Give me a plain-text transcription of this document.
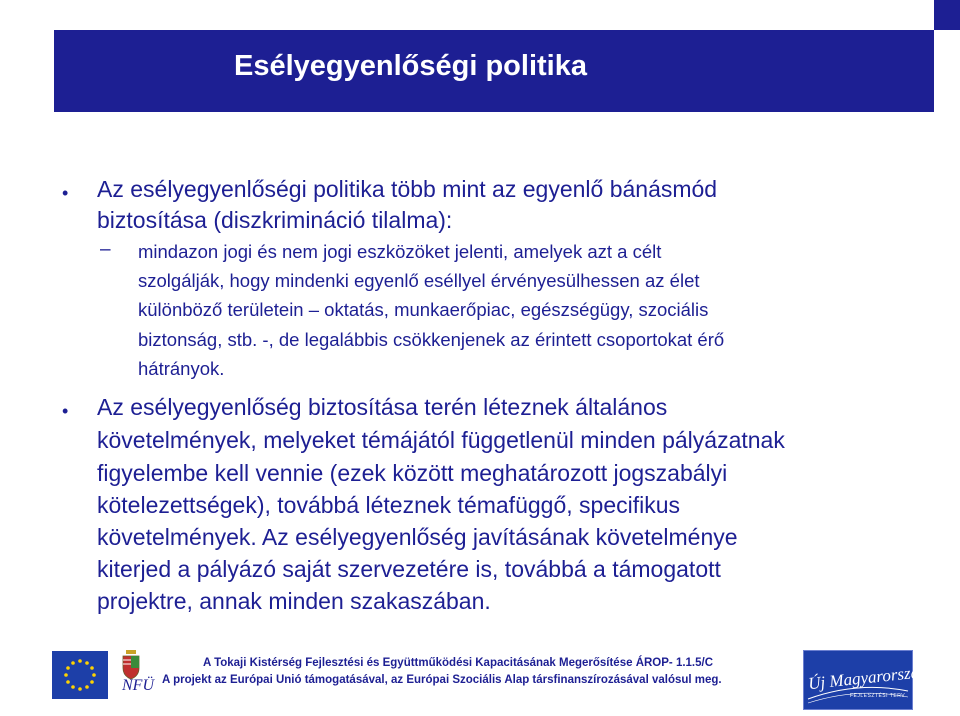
Esélyegyenlőségi politika
• Az esélyegyenlőségi politika több mint az egyenlő bánásmód
biztosítása (diszkrimináció tilalma):
– mindazon jogi és nem jogi eszközöket jelenti, amelyek azt a célt
szolgálják, hogy mindenki egyenlő eséllyel érvényesülhessen az élet
különböző területein – oktatás, munkaerőpiac, egészségügy, szociális
biztonság, stb. -, de legalábbis csökkenjenek az érintett csoportokat érő
hátrányok.
• Az esélyegyenlőség biztosítása terén léteznek általános
követelmények, melyeket témájától függetlenül minden pályázatnak
figyelembe kell vennie (ezek között meghatározott jogszabályi
kötelezettségek), továbbá léteznek témafüggő, specifikus
követelmények. Az esélyegyenlőség javításának követelménye
kiterjed a pályázó saját szervezetére is, továbbá a támogatott
projektre, annak minden szakaszában.
NFÜ
A Tokaji Kistérség Fejlesztési és Együttműködési Kapacitásának Megerősítése ÁROP- 1.1.5/C
A projekt az Európai Unió támogatásával, az Európai Szociális Alap társfinanszírozásával valósul meg.	Új Magyarország
FEJLESZTÉSI TERV
